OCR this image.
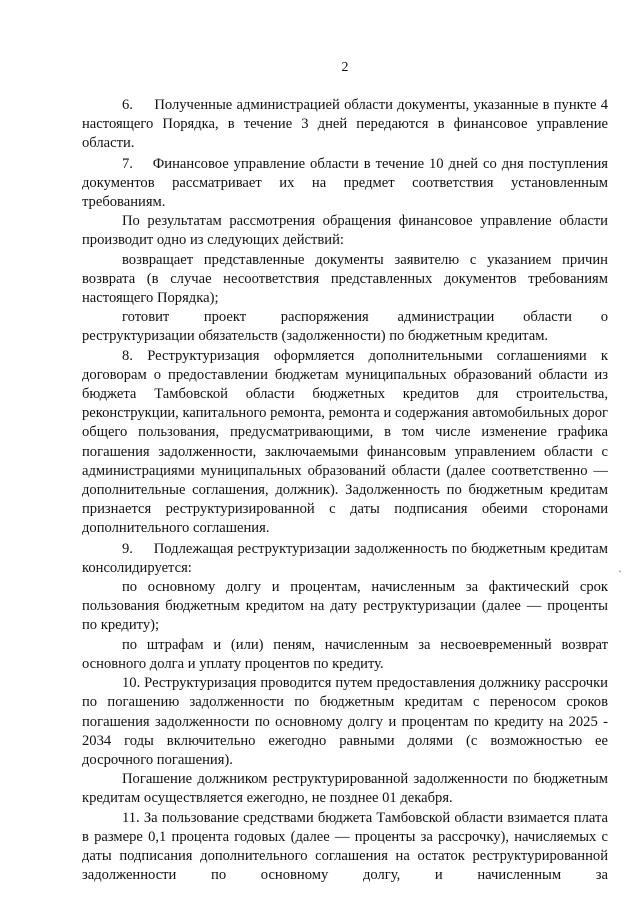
2

6.     Полученные администрацией области документы, указанные в пункте 4 настоящего Порядка, в течение 3 дней передаются в финансовое управление области.

7.    Финансовое управление области в течение 10 дней со дня поступления документов рассматривает их на предмет соответствия установленным требованиям.

По результатам рассмотрения обращения финансовое управление области производит одно из следующих действий:

возвращает представленные документы заявителю с указанием причин возврата (в случае несоответствия представленных документов требованиям настоящего Порядка);

готовит      проект      распоряжения     администрации     области     о реструктуризации обязательств (задолженности) по бюджетным кредитам.

8. Реструктуризация оформляется дополнительными соглашениями к договорам о предоставлении бюджетам муниципальных образований области из бюджета Тамбовской области бюджетных кредитов для строительства, реконструкции, капитального ремонта, ремонта и содержания автомобильных дорог общего пользования, предусматривающими, в том числе изменение графика погашения задолженности, заключаемыми финансовым управлением области с администрациями муниципальных образований области (далее соответственно — дополнительные соглашения, должник). Задолженность по бюджетным кредитам признается реструктуризированной с даты подписания обеими сторонами дополнительного соглашения.

9.     Подлежащая реструктуризации задолженность по бюджетным кредитам консолидируется:

по основному долгу и процентам, начисленным за фактический срок пользования бюджетным кредитом на дату реструктуризации (далее — проценты по кредиту);

по штрафам и (или) пеням, начисленным за несвоевременный возврат основного долга и уплату процентов по кредиту.

10. Реструктуризация проводится путем предоставления должнику рассрочки по погашению задолженности по бюджетным кредитам с переносом сроков погашения задолженности по основному долгу и процентам по кредиту на 2025 - 2034 годы включительно ежегодно равными долями (с возможностью ее досрочного погашения).

Погашение должником реструктурированной задолженности по бюджетным кредитам осуществляется ежегодно, не позднее 01 декабря.

11. За пользование средствами бюджета Тамбовской области взимается плата в размере 0,1 процента годовых (далее — проценты за рассрочку), начисляемых с даты подписания дополнительного соглашения на остаток реструктурированной задолженности по основному долгу, и начисленным за

`
